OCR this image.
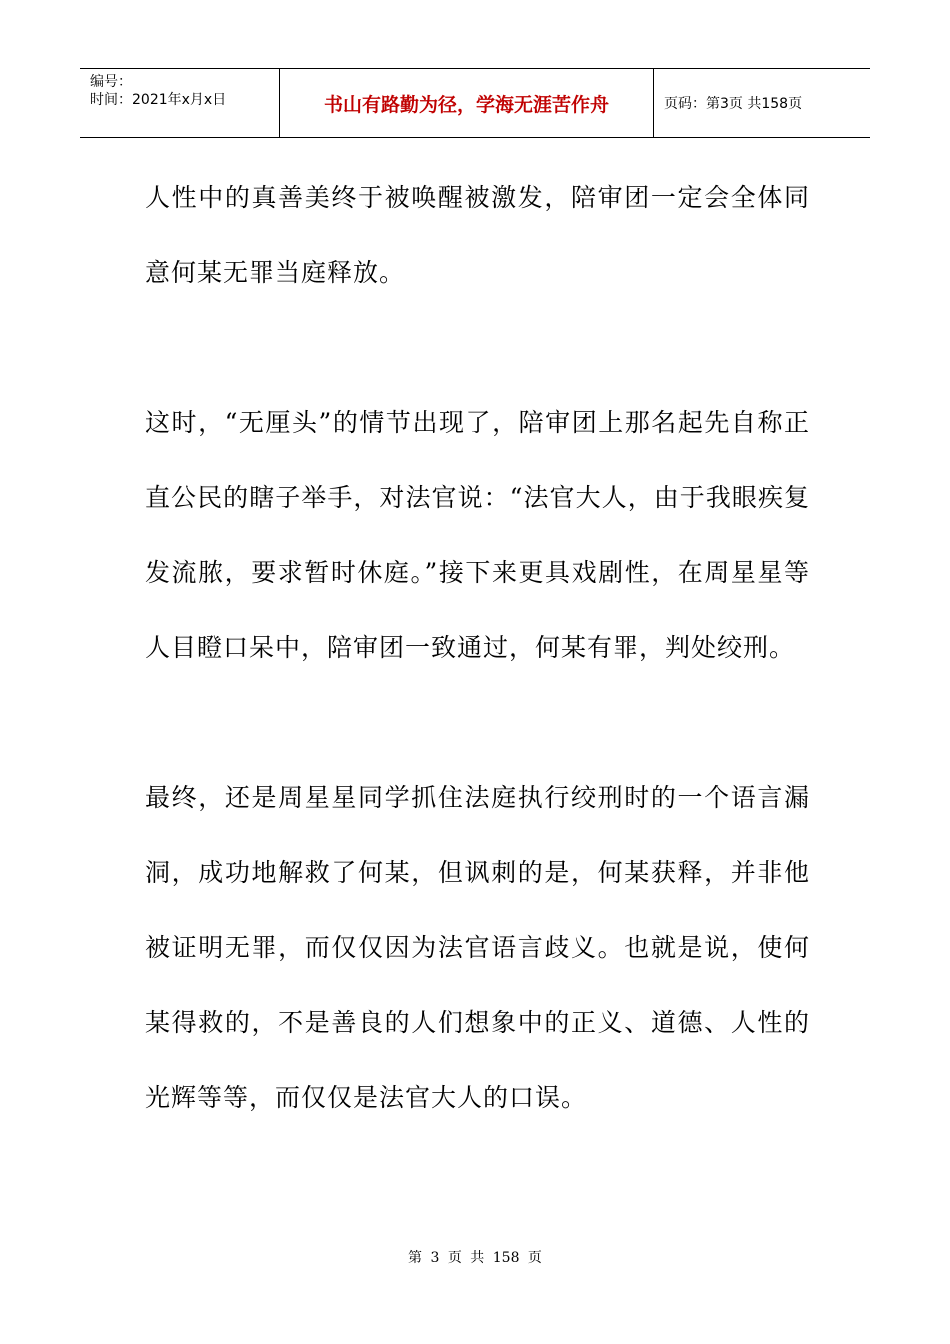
编号：
时间：2021年x月x日	书山有路勤为径，学海无涯苦作舟	页码：第3页 共158页

人性中的真善美终于被唤醒被激发，陪审团一定会全体同意何某无罪当庭释放。

这时，“无厘头”的情节出现了，陪审团上那名起先自称正直公民的瞎子举手，对法官说：“法官大人，由于我眼疾复发流脓，要求暂时休庭。”接下来更具戏剧性，在周星星等人目瞪口呆中，陪审团一致通过，何某有罪，判处绞刑。

最终，还是周星星同学抓住法庭执行绞刑时的一个语言漏洞，成功地解救了何某，但讽刺的是，何某获释，并非他被证明无罪，而仅仅因为法官语言歧义。也就是说，使何某得救的，不是善良的人们想象中的正义、道德、人性的光辉等等，而仅仅是法官大人的口误。

第 3 页 共 158 页
